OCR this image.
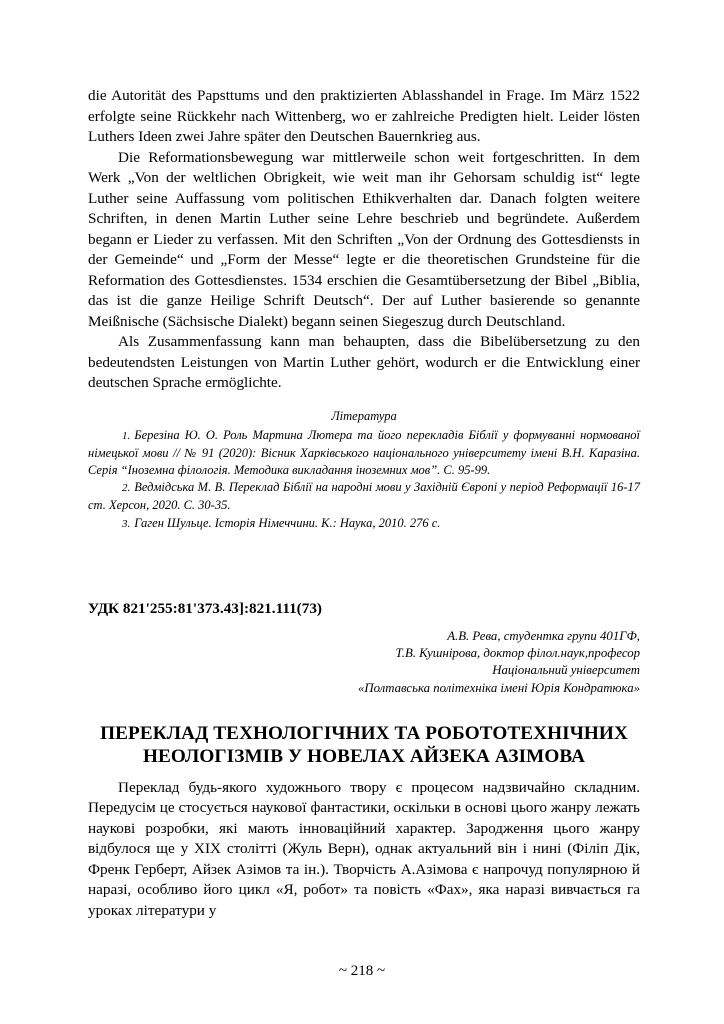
die Autorität des Papsttums und den praktizierten Ablasshandel in Frage. Im März 1522 erfolgte seine Rückkehr nach Wittenberg, wo er zahlreiche Predigten hielt. Leider lösten Luthers Ideen zwei Jahre später den Deutschen Bauernkrieg aus.

Die Reformationsbewegung war mittlerweile schon weit fortgeschritten. In dem Werk „Von der weltlichen Obrigkeit, wie weit man ihr Gehorsam schuldig ist“ legte Luther seine Auffassung vom politischen Ethikverhalten dar. Danach folgten weitere Schriften, in denen Martin Luther seine Lehre beschrieb und begründete. Außerdem begann er Lieder zu verfassen. Mit den Schriften „Von der Ordnung des Gottesdiensts in der Gemeinde“ und „Form der Messe“ legte er die theoretischen Grundsteine für die Reformation des Gottesdienstes. 1534 erschien die Gesamtübersetzung der Bibel „Biblia, das ist die ganze Heilige Schrift Deutsch“. Der auf Luther basierende so genannte Meißnische (Sächsische Dialekt) begann seinen Siegeszug durch Deutschland.

Als Zusammenfassung kann man behaupten, dass die Bibelübersetzung zu den bedeutendsten Leistungen von Martin Luther gehört, wodurch er die Entwicklung einer deutschen Sprache ermöglichte.

Література

1. Березіна Ю. О. Роль Мартина Лютера та його перекладів Біблії у формуванні нормованої німецької мови // № 91 (2020): Вісник Харківського національного університету імені В.Н. Каразіна. Серія “Іноземна філологія. Методика викладання іноземних мов”. С. 95-99.

2. Ведмідська М. В. Переклад Біблії на народні мови у Західній Європі у період Реформації 16-17 ст. Херсон, 2020. С. 30-35.

3. Гаген Шульце. Історія Німеччини. К.: Наука, 2010. 276 с.

УДК 821'255:81'373.43]:821.111(73)
А.В. Рева, студентка групи 401ГФ,
Т.В. Кушнірова, доктор філол.наук,професор
Національний університет
«Полтавська політехніка імені Юрія Кондратюка»
ПЕРЕКЛАД ТЕХНОЛОГІЧНИХ ТА РОБОТОТЕХНІЧНИХ
НЕОЛОГІЗМІВ У НОВЕЛАХ АЙЗЕКА АЗІМОВА

Переклад будь-якого художнього твору є процесом надзвичайно складним. Передусім це стосується наукової фантастики, оскільки в основі цього жанру лежать наукові розробки, які мають інноваційний характер. Зародження цього жанру відбулося ще у ХІХ столітті (Жуль Верн), однак актуальний він і нині (Філіп Дік, Френк Герберт, Айзек Азімов та ін.). Творчість А.Азімова є напрочуд популярною й наразі, особливо його цикл «Я, робот» та повість «Фах», яка наразі вивчається га уроках літератури у

~ 218 ~
